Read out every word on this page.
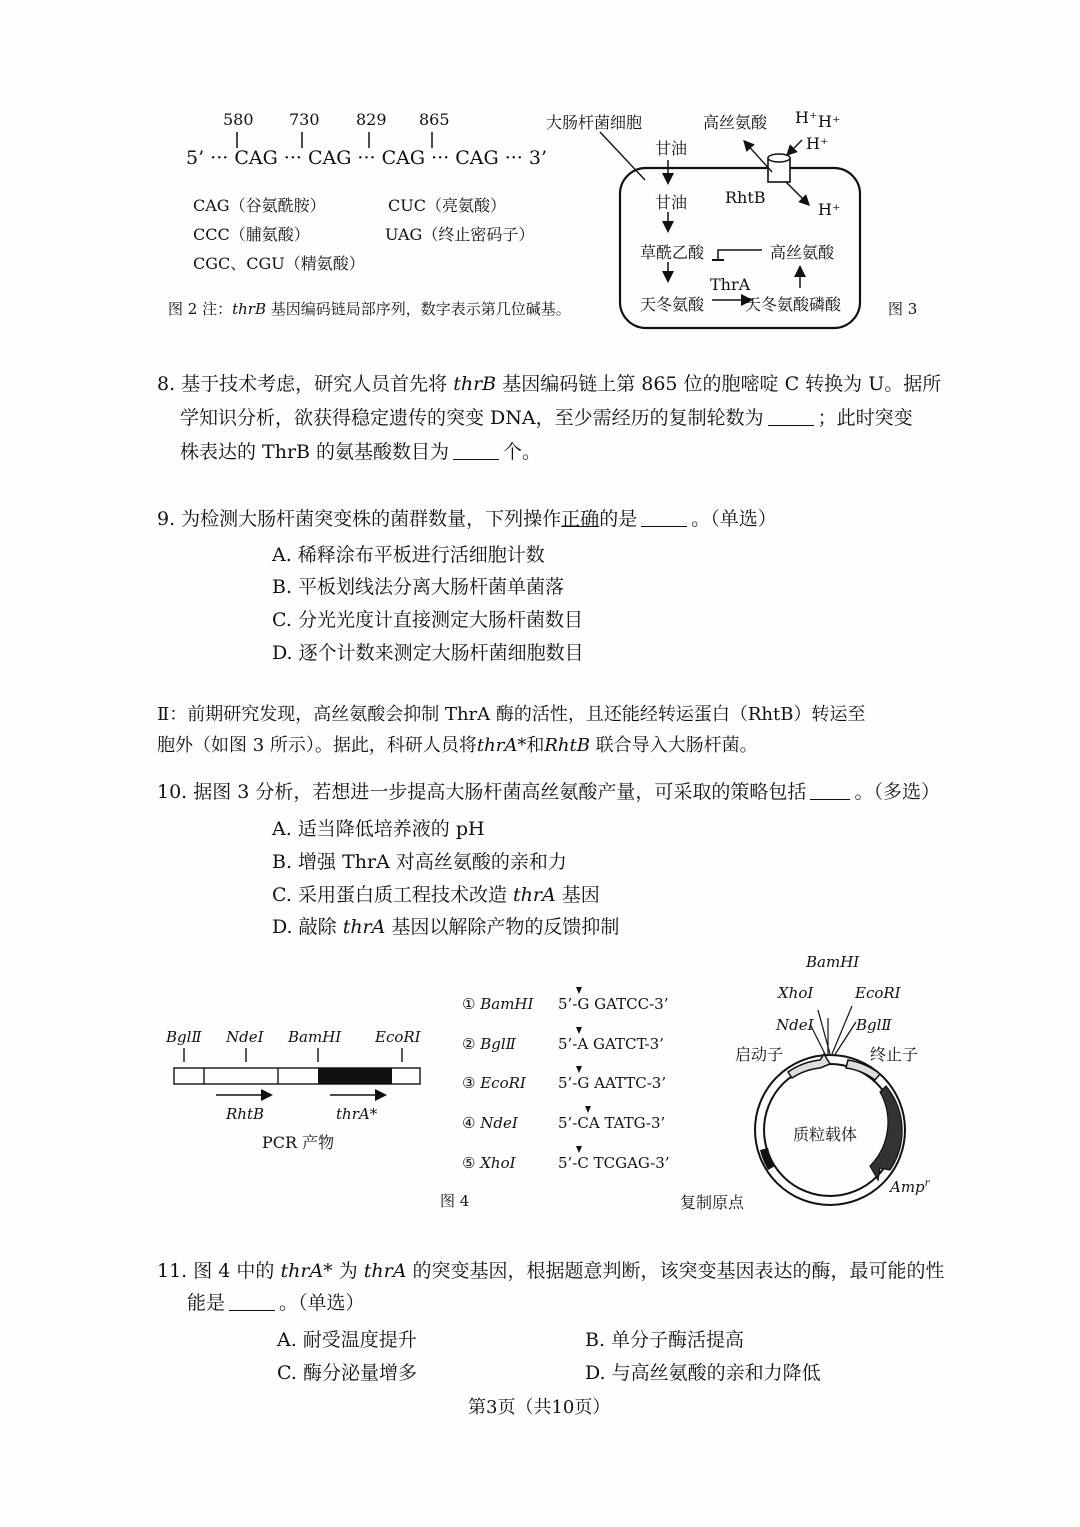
580 730 829 865
5’ ··· CAG ··· CAG ··· CAG ··· CAG ··· 3’
CAG（谷氨酰胺）	CUC（亮氨酸）
CCC（脯氨酸）	UAG（终止密码子）
CGC、CGU（精氨酸）
图 2 注：thrB 基因编码链局部序列，数字表示第几位碱基。
大肠杆菌细胞	高丝氨酸 H⁺ H⁺
H⁺
H⁺
甘油
甘油 RhtB
草酰乙酸	高丝氨酸
ThrA
天冬氨酸	天冬氨酸磷酸	图 3
8. 基于技术考虑，研究人员首先将 thrB 基因编码链上第 865 位的胞嘧啶 C 转换为 U。据所
学知识分析，欲获得稳定遗传的突变 DNA，至少需经历的复制轮数为	；此时突变
株表达的 ThrB 的氨基酸数目为	个。
9. 为检测大肠杆菌突变株的菌群数量，下列操作正确的是	。（单选）
A. 稀释涂布平板进行活细胞计数
B. 平板划线法分离大肠杆菌单菌落
C. 分光光度计直接测定大肠杆菌数目
D. 逐个计数来测定大肠杆菌细胞数目
Ⅱ：前期研究发现，高丝氨酸会抑制 ThrA 酶的活性，且还能经转运蛋白（RhtB）转运至
胞外（如图 3 所示）。据此，科研人员将thrA*和RhtB 联合导入大肠杆菌。
10. 据图 3 分析，若想进一步提高大肠杆菌高丝氨酸产量，可采取的策略包括	。（多选）
A. 适当降低培养液的 pH
B. 增强 ThrA 对高丝氨酸的亲和力
C. 采用蛋白质工程技术改造 thrA 基因
D. 敲除 thrA 基因以解除产物的反馈抑制
BglⅡ NdeⅠ BamHⅠ EcoRⅠ
RhtB	thrA*
PCR 产物
① BamHⅠ 5’-G GATCC-3’
② BglⅡ	5’-A GATCT-3’
③ EcoRⅠ 5’-G AATTC-3’
④ NdeⅠ	5’-CA TATG-3’
⑤ XhoⅠ	5’-C TCGAG-3’
图 4
BamHⅠ
XhoⅠ	EcoRⅠ
NdeⅠ	BglⅡ
启动子	终止子
质粒载体
复制原点
Amp$^r$
11. 图 4 中的 thrA* 为 thrA 的突变基因，根据题意判断，该突变基因表达的酶，最可能的性
能是	。（单选）
A. 耐受温度提升	B. 单分子酶活提高
C. 酶分泌量增多	D. 与高丝氨酸的亲和力降低
第3页（共10页）
